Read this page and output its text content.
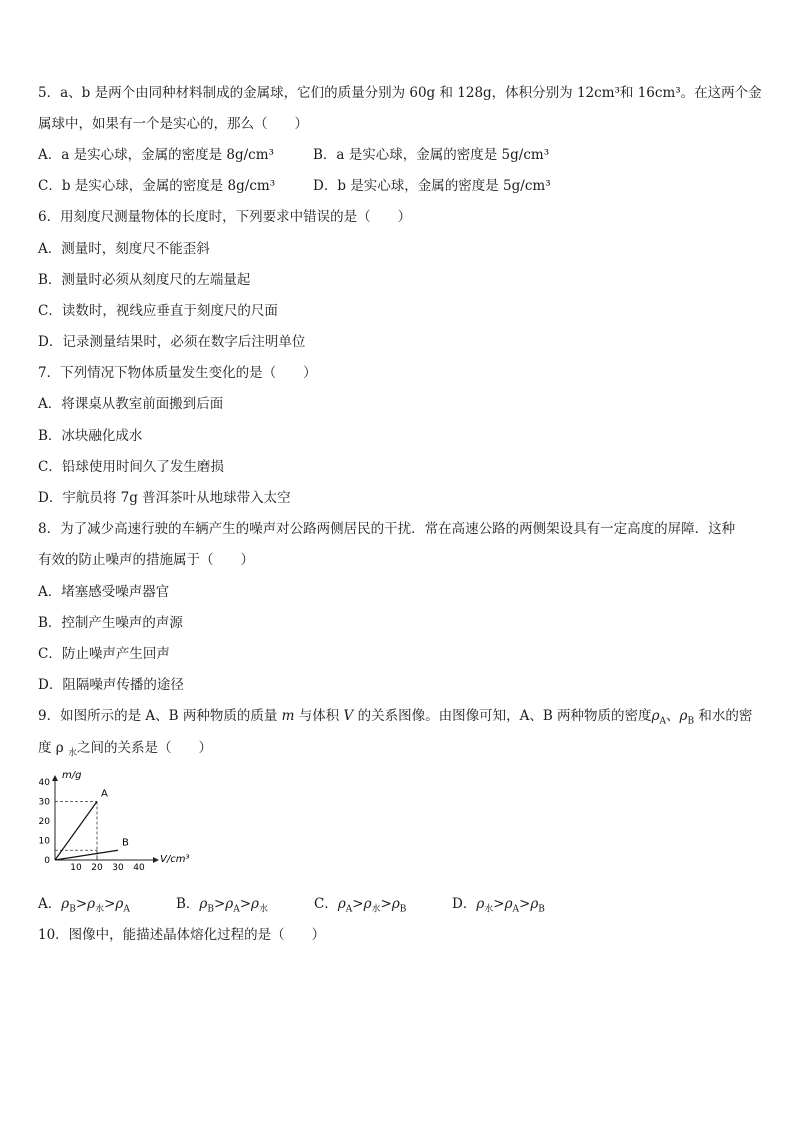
5．a、b 是两个由同种材料制成的金属球，它们的质量分别为 60g 和 128g，体积分别为 12cm³和 16cm³。在这两个金
属球中，如果有一个是实心的，那么（　　）
A．a 是实心球，金属的密度是 8g/cm³	B．a 是实心球，金属的密度是 5g/cm³
C．b 是实心球，金属的密度是 8g/cm³	D．b 是实心球，金属的密度是 5g/cm³
6．用刻度尺测量物体的长度时，下列要求中错误的是（　　）
A．测量时，刻度尺不能歪斜
B．测量时必须从刻度尺的左端量起
C．读数时，视线应垂直于刻度尺的尺面
D．记录测量结果时，必须在数字后注明单位
7．下列情况下物体质量发生变化的是（　　）
A．将课桌从教室前面搬到后面
B．冰块融化成水
C．铅球使用时间久了发生磨损
D．宇航员将 7g 普洱茶叶从地球带入太空
8．为了减少高速行驶的车辆产生的噪声对公路两侧居民的干扰．常在高速公路的两侧架设具有一定高度的屏障．这种
有效的防止噪声的措施属于（　　）
A．堵塞感受噪声器官
B．控制产生噪声的声源
C．防止噪声产生回声
D．阻隔噪声传播的途径
9．如图所示的是 A、B 两种物质的质量 m 与体积 V 的关系图像。由图像可知，A、B 两种物质的密度$\rho_A$、$\rho_B$ 和水的密
度 ρ $_水$之间的关系是（　　）
m/g
V/cm³
0
10
20
30
40
10 20 30 40
A
B
A．$\rho_B>\rho_水>\rho_A$	B．$\rho_B>\rho_A>\rho_水$	C．$\rho_A>\rho_水>\rho_B$	D．$\rho_水>\rho_A>\rho_B$
10．图像中，能描述晶体熔化过程的是（　　）
